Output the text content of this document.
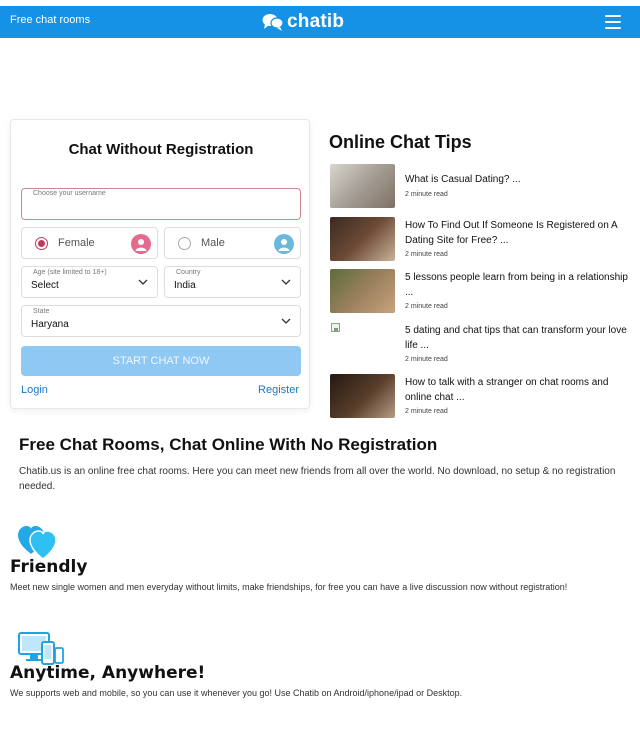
Free chat rooms	chatib
Chat Without Registration
Choose your username
Female	Male
Age (site limited to 18+)
Select
Country
India
State
Haryana
START CHAT NOW
Login	Register
Online Chat Tips
What is Casual Dating? ...
2 minute read
How To Find Out If Someone Is Registered on A Dating Site for Free? ...
2 minute read
5 lessons people learn from being in a relationship ...
2 minute read
5 dating and chat tips that can transform your love life ...
2 minute read
How to talk with a stranger on chat rooms and online chat ...
2 minute read
Free Chat Rooms, Chat Online With No Registration

Chatib.us is an online free chat rooms. Here you can meet new friends from all over the world. No download, no setup & no registration needed.

Friendly
Meet new single women and men everyday without limits, make friendships, for free you can have a live discussion now without registration!
Anytime, Anywhere!
We supports web and mobile, so you can use it whenever you go! Use Chatib on Android/iphone/ipad or Desktop.
